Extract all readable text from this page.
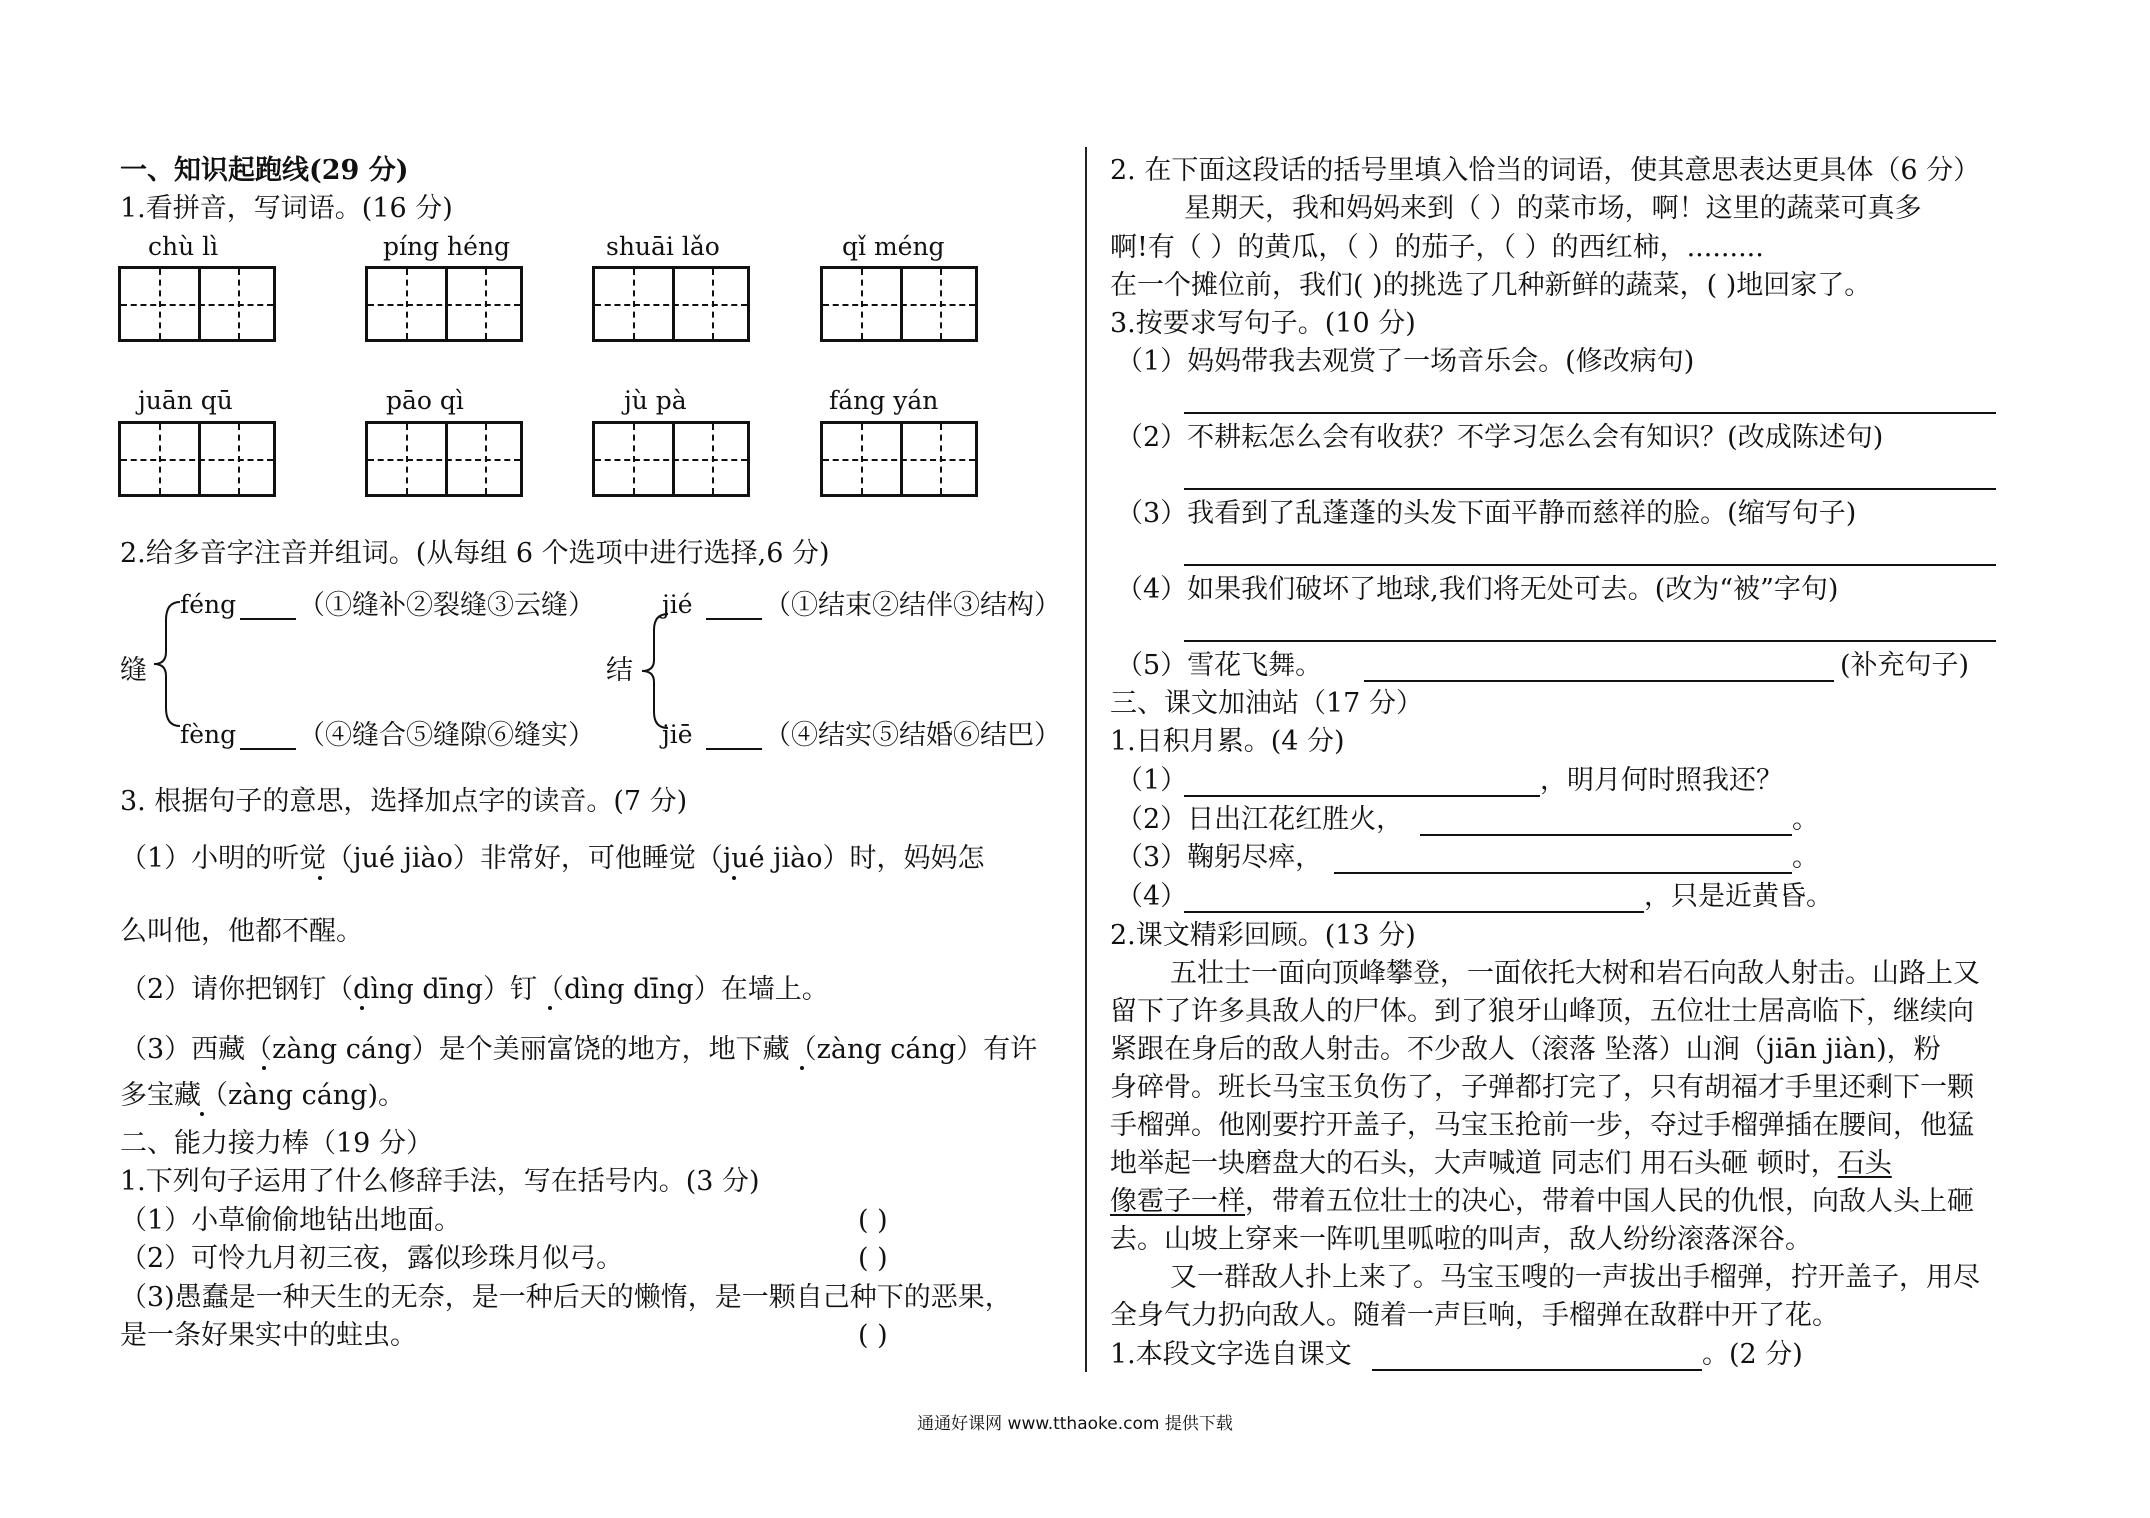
一、知识起跑线(29 分)
1.看拼音，写词语。(16 分)
chù lì	píng héng	shuāi lǎo	qǐ méng
juān qū	pāo qì	jù pà	fáng yán
2.给多音字注音并组词。(从每组 6 个选项中进行选择,6 分)
féng （①缝补②裂缝③云缝）
缝
fèng （④缝合⑤缝隙⑥缝实）
jié	（①结束②结伴③结构）
结
jiē	（④结实⑤结婚⑥结巴）
3. 根据句子的意思，选择加点字的读音。(7 分)
（1）小明的听觉（jué jiào）非常好，可他睡觉（jué jiào）时，妈妈怎
么叫他，他都不醒。
（2）请你把钢钉（dìng dīng）钉（dìng dīng）在墙上。
（3）西藏（zàng cáng）是个美丽富饶的地方，地下藏（zàng cáng）有许
多宝藏（zàng cáng)。
二、能力接力棒（19 分）
1.下列句子运用了什么修辞手法，写在括号内。(3 分)
（1）小草偷偷地钻出地面。	( )
（2）可怜九月初三夜，露似珍珠月似弓。	( )
（3)愚蠢是一种天生的无奈，是一种后天的懒惰，是一颗自己种下的恶果，
是一条好果实中的蛀虫。	( )
2. 在下面这段话的括号里填入恰当的词语，使其意思表达更具体（6 分）
星期天，我和妈妈来到（ ）的菜市场，啊！这里的蔬菜可真多
啊!有（ ）的黄瓜，（ ）的茄子，（ ）的西红柿，.........
在一个摊位前，我们( )的挑选了几种新鲜的蔬菜，( )地回家了。
3.按要求写句子。(10 分)
（1）妈妈带我去观赏了一场音乐会。(修改病句)
（2）不耕耘怎么会有收获？不学习怎么会有知识？(改成陈述句)
（3）我看到了乱蓬蓬的头发下面平静而慈祥的脸。(缩写句子)
（4）如果我们破坏了地球,我们将无处可去。(改为“被”字句)
（5）雪花飞舞。	(补充句子)
三、课文加油站（17 分）
1.日积月累。(4 分)
（1）	，明月何时照我还？
（2）日出江花红胜火，	。
（3）鞠躬尽瘁，	。
（4）	，只是近黄昏。
2.课文精彩回顾。(13 分)
五壮士一面向顶峰攀登，一面依托大树和岩石向敌人射击。山路上又
留下了许多具敌人的尸体。到了狼牙山峰顶，五位壮士居高临下，继续向
紧跟在身后的敌人射击。不少敌人（滚落 坠落）山涧（jiān jiàn)，粉
身碎骨。班长马宝玉负伤了，子弹都打完了，只有胡福才手里还剩下一颗
手榴弹。他刚要拧开盖子，马宝玉抢前一步，夺过手榴弹插在腰间，他猛
地举起一块磨盘大的石头，大声喊道 同志们 用石头砸 顿时，石头
像雹子一样，带着五位壮士的决心，带着中国人民的仇恨，向敌人头上砸
去。山坡上穿来一阵叽里呱啦的叫声，敌人纷纷滚落深谷。
又一群敌人扑上来了。马宝玉嗖的一声拔出手榴弹，拧开盖子，用尽
全身气力扔向敌人。随着一声巨响，手榴弹在敌群中开了花。
1.本段文字选自课文	。(2 分)
通通好课网 www.tthaoke.com 提供下载
